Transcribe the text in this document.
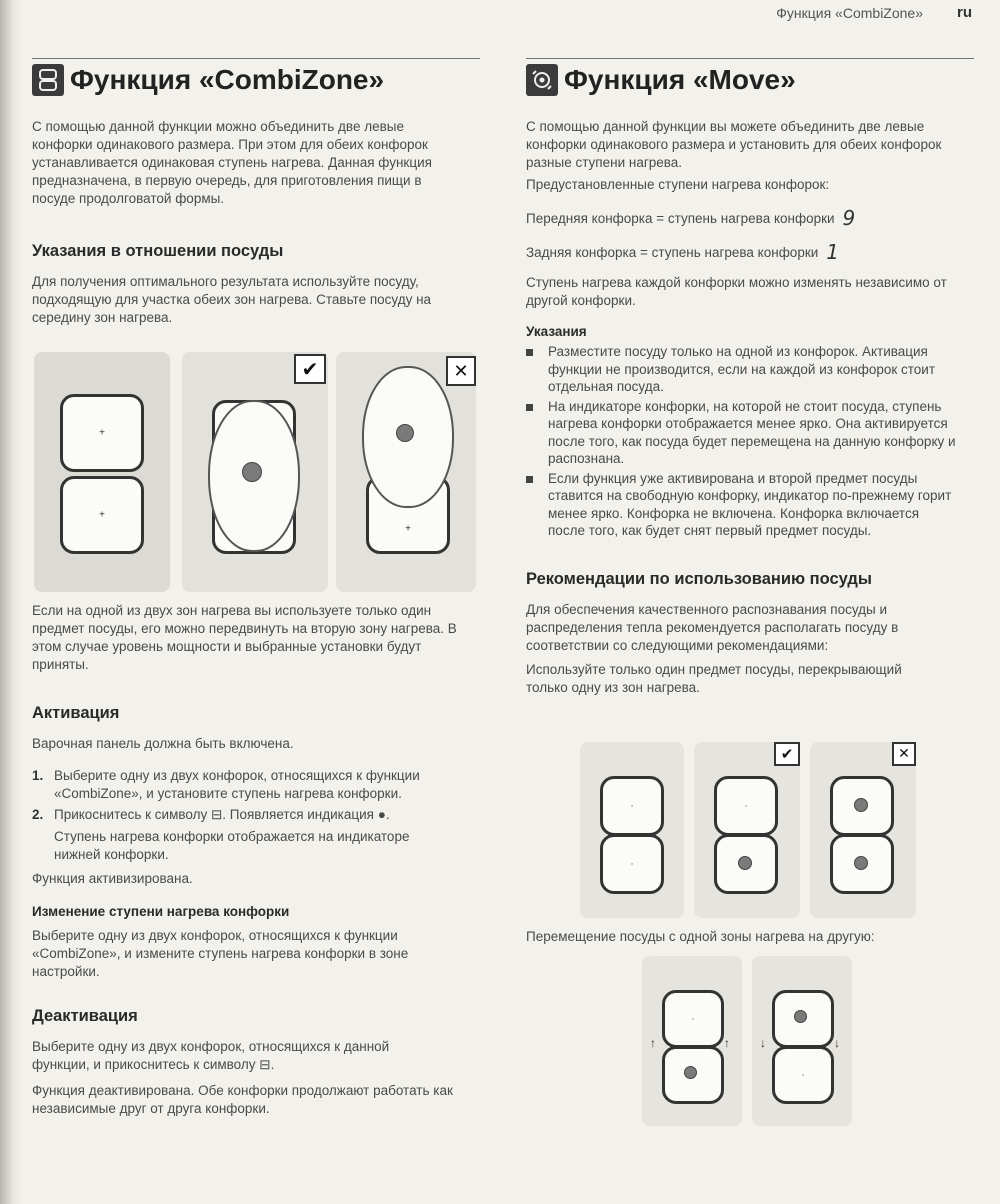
Функция «CombiZone» ru
Функция «CombiZone»

С помощью данной функции можно объединить две левые конфорки одинакового размера. При этом для обеих конфорок устанавливается одинаковая ступень нагрева. Данная функция предназначена, в первую очередь, для приготовления пищи в посуде продолговатой формы.

Указания в отношении посуды

Для получения оптимального результата используйте посуду, подходящую для участка обеих зон нагрева. Ставьте посуду на середину зон нагрева.

+
+
✔
+
✕

Если на одной из двух зон нагрева вы используете только один предмет посуды, его можно передвинуть на вторую зону нагрева. В этом случае уровень мощности и выбранные установки будут приняты.

Активация

Варочная панель должна быть включена.

1. Выберите одну из двух конфорок, относящихся к функции «CombiZone», и установите ступень нагрева конфорки.
2. Прикоснитесь к символу ⊟. Появляется индикация ●.

Ступень нагрева конфорки отображается на индикаторе нижней конфорки.

Функция активизирована.

Изменение ступени нагрева конфорки

Выберите одну из двух конфорок, относящихся к функции «CombiZone», и измените ступень нагрева конфорки в зоне настройки.

Деактивация

Выберите одну из двух конфорок, относящихся к данной функции, и прикоснитесь к символу ⊟.

Функция деактивирована. Обе конфорки продолжают работать как независимые друг от друга конфорки.

Функция «Move»

С помощью данной функции вы можете объединить две левые конфорки одинакового размера и установить для обеих конфорок разные ступени нагрева.

Предустановленные ступени нагрева конфорок:

Передняя конфорка = ступень нагрева конфорки 9
Задняя конфорка = ступень нагрева конфорки 1

Ступень нагрева каждой конфорки можно изменять независимо от другой конфорки.

Указания
Разместите посуду только на одной из конфорок. Активация функции не производится, если на каждой из конфорок стоит отдельная посуда.
На индикаторе конфорки, на которой не стоит посуда, ступень нагрева конфорки отображается менее ярко. Она активируется после того, как посуда будет перемещена на данную конфорку и распознана.
Если функция уже активирована и второй предмет посуды ставится на свободную конфорку, индикатор по-прежнему горит менее ярко. Конфорка не включена. Конфорка включается после того, как будет снят первый предмет посуды.
Рекомендации по использованию посуды

Для обеспечения качественного распознавания посуды и распределения тепла рекомендуется располагать посуду в соответствии со следующими рекомендациями:

Используйте только один предмет посуды, перекрывающий только одну из зон нагрева.

·
·
·
✔	✕

Перемещение посуды с одной зоны нагрева на другую:

·
↑	↑
·
↓	↓
